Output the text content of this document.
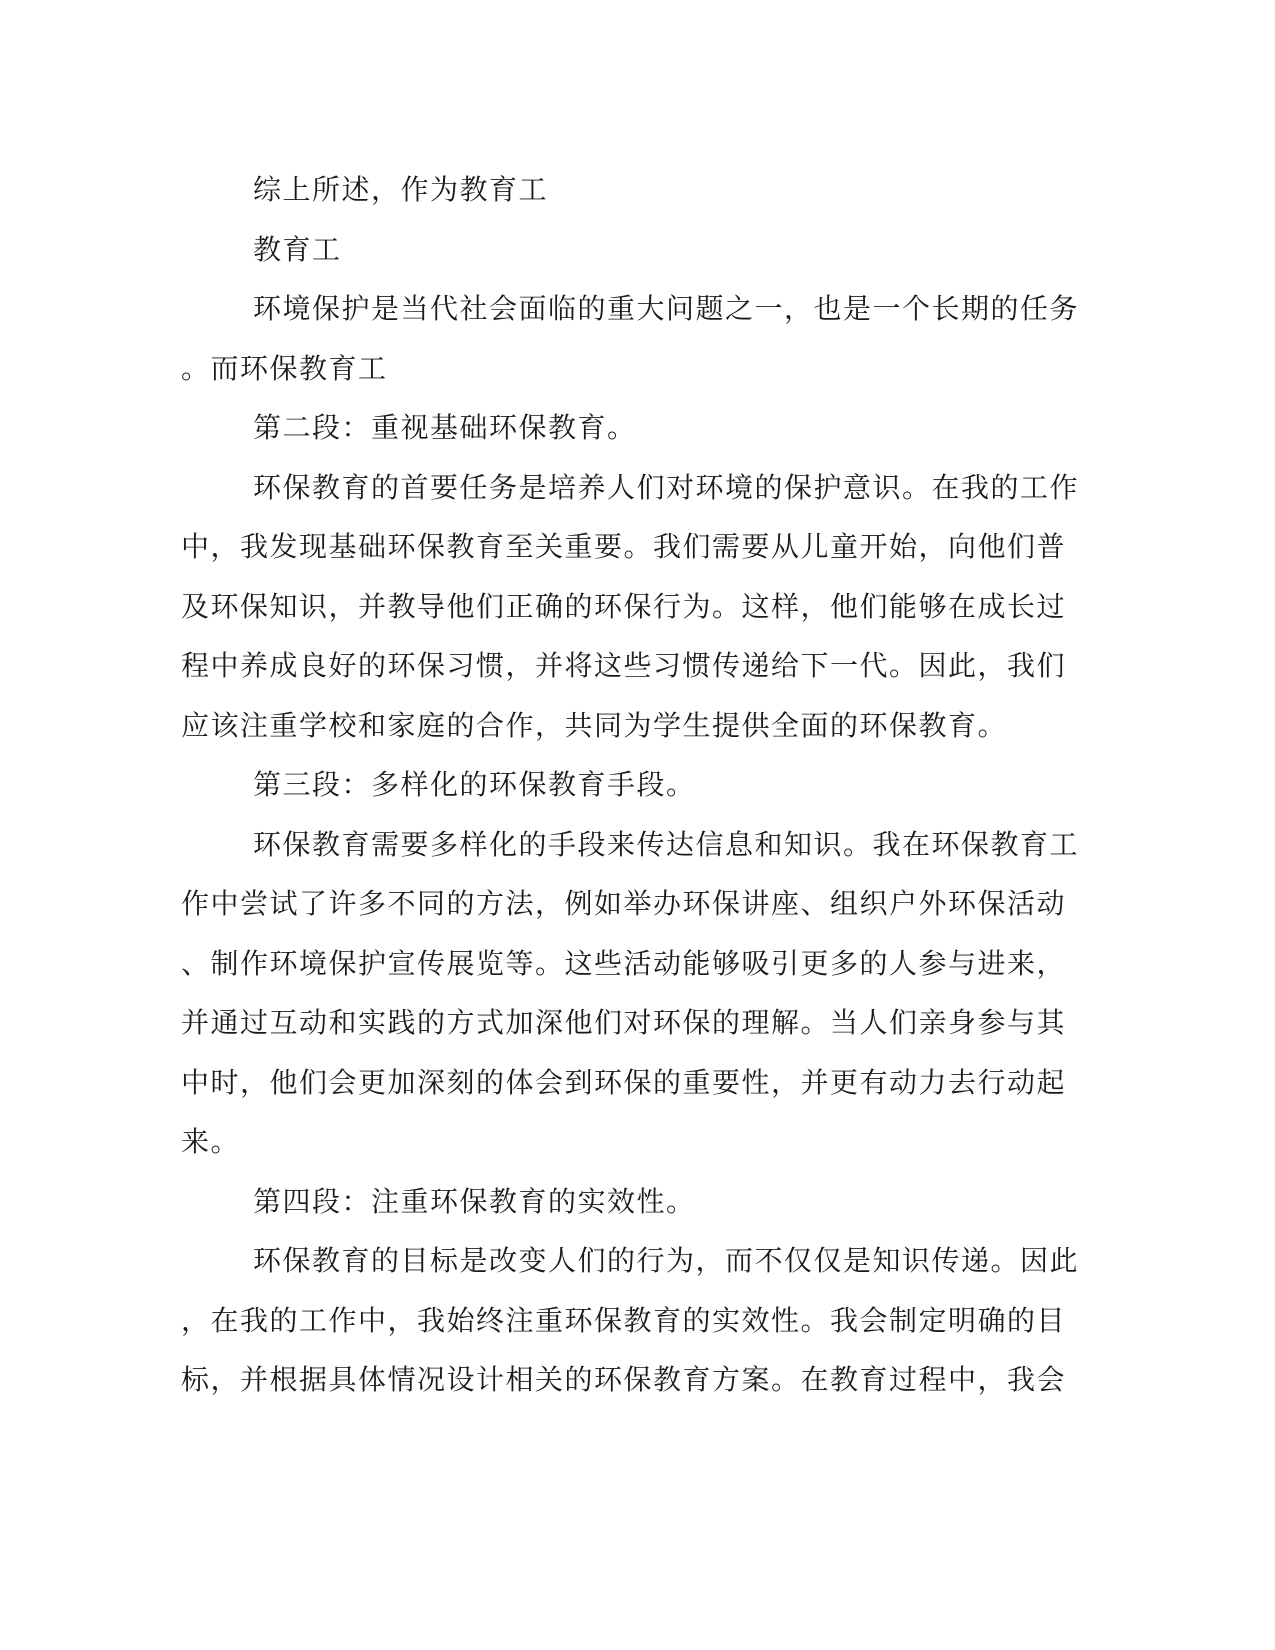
综上所述，作为教育工
教育工
环境保护是当代社会面临的重大问题之一，也是一个长期的任务
。而环保教育工
第二段：重视基础环保教育。
环保教育的首要任务是培养人们对环境的保护意识。在我的工作
中，我发现基础环保教育至关重要。我们需要从儿童开始，向他们普
及环保知识，并教导他们正确的环保行为。这样，他们能够在成长过
程中养成良好的环保习惯，并将这些习惯传递给下一代。因此，我们
应该注重学校和家庭的合作，共同为学生提供全面的环保教育。
第三段：多样化的环保教育手段。
环保教育需要多样化的手段来传达信息和知识。我在环保教育工
作中尝试了许多不同的方法，例如举办环保讲座、组织户外环保活动
、制作环境保护宣传展览等。这些活动能够吸引更多的人参与进来，
并通过互动和实践的方式加深他们对环保的理解。当人们亲身参与其
中时，他们会更加深刻的体会到环保的重要性，并更有动力去行动起
来。
第四段：注重环保教育的实效性。
环保教育的目标是改变人们的行为，而不仅仅是知识传递。因此
，在我的工作中，我始终注重环保教育的实效性。我会制定明确的目
标，并根据具体情况设计相关的环保教育方案。在教育过程中，我会
